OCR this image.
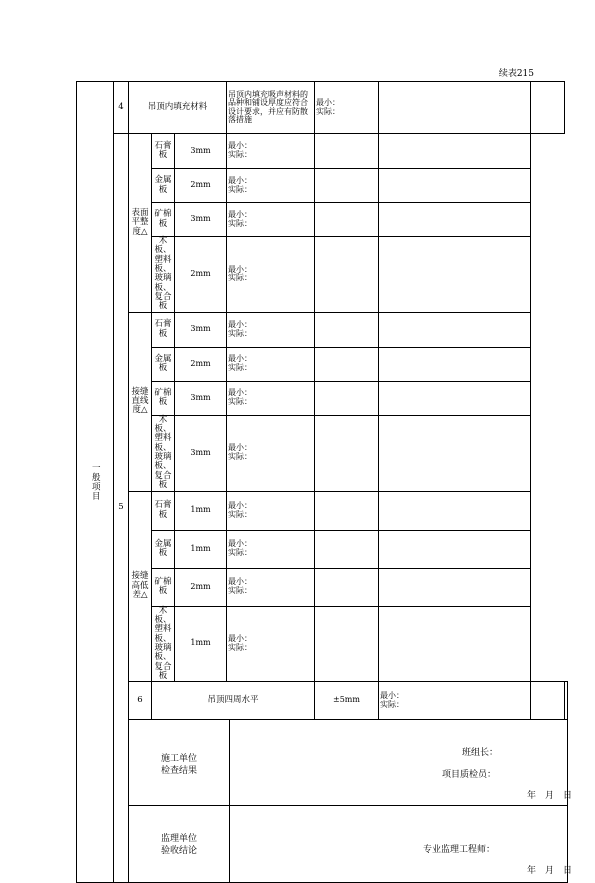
续表215
一般项目	4	吊顶内填充材料			吊顶内填充吸声材料的品种和铺设厚度应符合设计要求，并应有防散落措施	最小：
实际：			
	5	表面平整度△	石膏板	3mm	最小：
实际：				
			金属板	2mm	最小：
实际：				
			矿棉板	3mm	最小：
实际：				
			木板、塑料板、玻璃板、复合板	2mm	最小：
实际：				

		接缝直线度△	石膏板	3mm	最小：
实际：				
			金属板	2mm	最小：
实际：				
			矿棉板	3mm	最小：
实际：				
			木板、塑料板、玻璃板、复合板	3mm	最小：
实际：				

		接缝高低差△	石膏板	1mm	最小：
实际：				
			金属板	1mm	最小：
实际：				
			矿棉板	2mm	最小：
实际：				
			木板、塑料板、玻璃板、复合板	1mm	最小：
实际：				
		6	吊顶四周水平			±5mm	最小：
实际：		

		施工单位
检查结果
班组长：
项目质检员：
年　月　日							

		监理单位
验收结论 专业监理工程师：
年　月　日							
